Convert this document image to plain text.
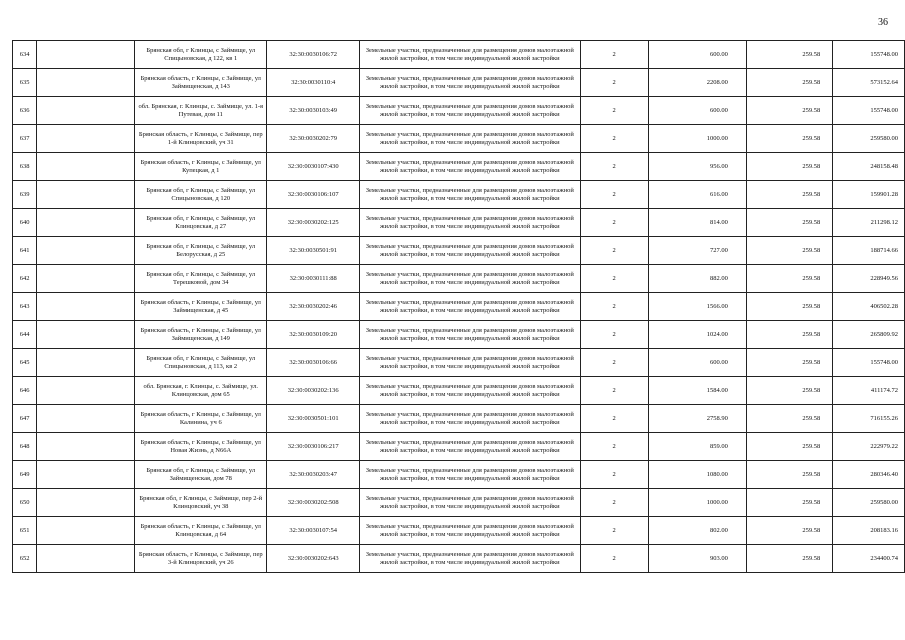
36
634		Брянская обл, г Клинцы, с Займище, ул Спицыновская, д 122, кв 1	32:30:0030106:72	Земельные участки, предназначенные для размещения домов малоэтажной жилой застройки, в том числе индивидуальной жилой застройки	2	600.00	259.58	155748.00
635		Брянская область, г Клинцы, с Займище, ул Займищенская, д 143	32:30:0030110:4	Земельные участки, предназначенные для размещения домов малоэтажной жилой застройки, в том числе индивидуальной жилой застройки	2	2208.00	259.58	573152.64
636		обл. Брянская, г. Клинцы, с. Займище, ул. 1-я Путевая, дом 11	32:30:0030103:49	Земельные участки, предназначенные для размещения домов малоэтажной жилой застройки, в том числе индивидуальной жилой застройки	2	600.00	259.58	155748.00
637		Брянская область, г Клинцы, с Займище, пер 1-й Клинцовский, уч 31	32:30:0030202:79	Земельные участки, предназначенные для размещения домов малоэтажной жилой застройки, в том числе индивидуальной жилой застройки	2	1000.00	259.58	259580.00
638		Брянская область, г Клинцы, с Займище, ул Купецкая, д 1	32:30:0030107:430	Земельные участки, предназначенные для размещения домов малоэтажной жилой застройки, в том числе индивидуальной жилой застройки	2	956.00	259.58	248158.48
639		Брянская обл, г Клинцы, с Займище, ул Спицыновская, д 120	32:30:0030106:107	Земельные участки, предназначенные для размещения домов малоэтажной жилой застройки, в том числе индивидуальной жилой застройки	2	616.00	259.58	159901.28
640		Брянская обл, г Клинцы, с Займище, ул Клинцовская, д 27	32:30:0030202:125	Земельные участки, предназначенные для размещения домов малоэтажной жилой застройки, в том числе индивидуальной жилой застройки	2	814.00	259.58	211298.12
641		Брянская обл, г Клинцы, с Займище, ул Белорусская, д 25	32:30:0030501:91	Земельные участки, предназначенные для размещения домов малоэтажной жилой застройки, в том числе индивидуальной жилой застройки	2	727.00	259.58	188714.66
642		Брянская обл, г Клинцы, с Займище, ул Терешковой, дом 34	32:30:0030111:88	Земельные участки, предназначенные для размещения домов малоэтажной жилой застройки, в том числе индивидуальной жилой застройки	2	882.00	259.58	228949.56
643		Брянская область, г Клинцы, с Займище, ул Займищенская, д 45	32:30:0030202:46	Земельные участки, предназначенные для размещения домов малоэтажной жилой застройки, в том числе индивидуальной жилой застройки	2	1566.00	259.58	406502.28
644		Брянская область, г Клинцы, с Займище, ул Займищенская, д 149	32:30:0030109:20	Земельные участки, предназначенные для размещения домов малоэтажной жилой застройки, в том числе индивидуальной жилой застройки	2	1024.00	259.58	265809.92
645		Брянская обл, г Клинцы, с Займище, ул Спицыновская, д 113, кв 2	32:30:0030106:66	Земельные участки, предназначенные для размещения домов малоэтажной жилой застройки, в том числе индивидуальной жилой застройки	2	600.00	259.58	155748.00
646		обл. Брянская, г. Клинцы, с. Займище, ул. Клинцовская, дом 65	32:30:0030202:136	Земельные участки, предназначенные для размещения домов малоэтажной жилой застройки, в том числе индивидуальной жилой застройки	2	1584.00	259.58	411174.72
647		Брянская область, г Клинцы, с Займище, ул Калинина, уч 6	32:30:0030501:101	Земельные участки, предназначенные для размещения домов малоэтажной жилой застройки, в том числе индивидуальной жилой застройки	2	2758.90	259.58	716155.26
648		Брянская область, г Клинцы, с Займище, ул Новая Жизнь, д N66А	32:30:0030106:217	Земельные участки, предназначенные для размещения домов малоэтажной жилой застройки, в том числе индивидуальной жилой застройки	2	859.00	259.58	222979.22
649		Брянская обл, г Клинцы, с Займище, ул Займищенская, дом 78	32:30:0030203:47	Земельные участки, предназначенные для размещения домов малоэтажной жилой застройки, в том числе индивидуальной жилой застройки	2	1080.00	259.58	280346.40
650		Брянская обл, г Клинцы, с Займище, пер 2-й Клинцовский, уч 38	32:30:0030202:508	Земельные участки, предназначенные для размещения домов малоэтажной жилой застройки, в том числе индивидуальной жилой застройки	2	1000.00	259.58	259580.00
651		Брянская область, г Клинцы, с Займище, ул Клинцовская, д 64	32:30:0030107:54	Земельные участки, предназначенные для размещения домов малоэтажной жилой застройки, в том числе индивидуальной жилой застройки	2	802.00	259.58	208183.16
652		Брянская область, г Клинцы, с Займище, пер 3-й Клинцовский, уч 26	32:30:0030202:643	Земельные участки, предназначенные для размещения домов малоэтажной жилой застройки, в том числе индивидуальной жилой застройки	2	903.00	259.58	234400.74
